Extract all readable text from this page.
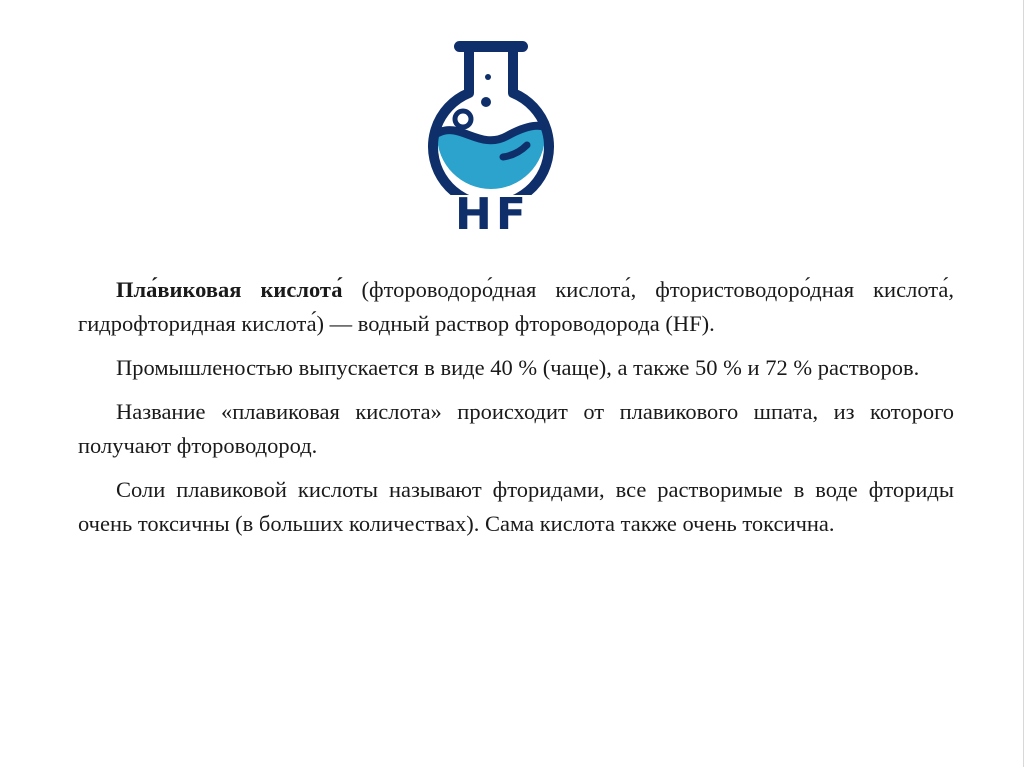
HF

Пла́виковая кислота́ (фтороводоро́дная кислота́, фтористоводоро́дная кислота́, гидрофторидная кислота́) — водный раствор фтороводорода (HF).

Промышленостью выпускается в виде 40 % (чаще), а также 50 % и 72 % растворов.

Название «плавиковая кислота» происходит от плавикового шпата, из которого получают фтороводород.

Соли плавиковой кислоты называют фторидами, все растворимые в воде фториды очень токсичны (в больших количествах). Сама кислота также очень токсична.
